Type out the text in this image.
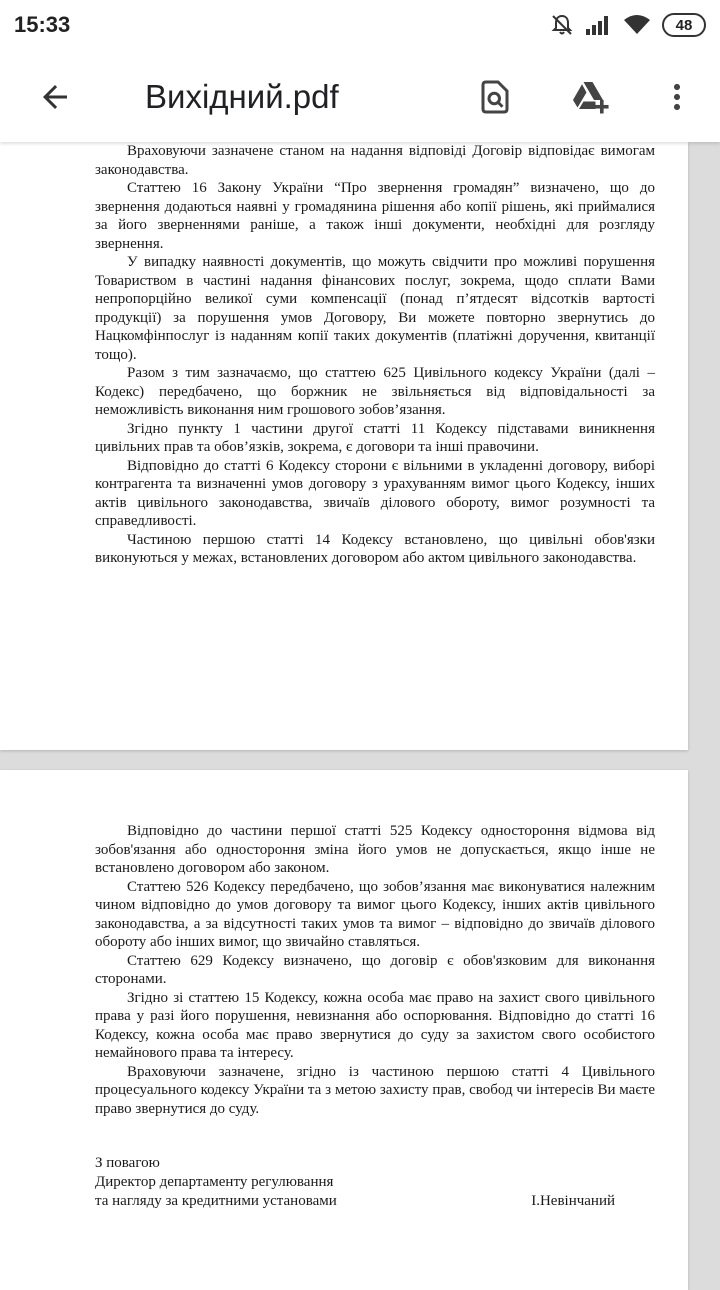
15:33	48
Вихідний.pdf

Враховуючи зазначене станом на надання відповіді Договір відповідає вимогам законодавства.

Статтею 16 Закону України “Про звернення громадян” визначено, що до звернення додаються наявні у громадянина рішення або копії рішень, які приймалися за його зверненнями раніше, а також інші документи, необхідні для розгляду звернення.

У випадку наявності документів, що можуть свідчити про можливі порушення Товариством в частині надання фінансових послуг, зокрема, щодо сплати Вами непропорційно великої суми компенсації (понад п’ятдесят відсотків вартості продукції) за порушення умов Договору, Ви можете повторно звернутись до Нацкомфінпослуг із наданням копії таких документів (платіжні доручення, квитанції тощо).

Разом з тим зазначаємо, що статтею 625 Цивільного кодексу України (далі – Кодекс) передбачено, що боржник не звільняється від відповідальності за неможливість виконання ним грошового зобов’язання.

Згідно пункту 1 частини другої статті 11 Кодексу підставами виникнення цивільних прав та обов’язків, зокрема, є договори та інші правочини.

Відповідно до статті 6 Кодексу сторони є вільними в укладенні договору, виборі контрагента та визначенні умов договору з урахуванням вимог цього Кодексу, інших актів цивільного законодавства, звичаїв ділового обороту, вимог розумності та справедливості.

Частиною першою статті 14 Кодексу встановлено, що цивільні обов'язки виконуються у межах, встановлених договором або актом цивільного законодавства.

Відповідно до частини першої статті 525 Кодексу одностороння відмова від зобов'язання або одностороння зміна його умов не допускається, якщо інше не встановлено договором або законом.

Статтею 526 Кодексу передбачено, що зобов’язання має виконуватися належним чином відповідно до умов договору та вимог цього Кодексу, інших актів цивільного законодавства, а за відсутності таких умов та вимог – відповідно до звичаїв ділового обороту або інших вимог, що звичайно ставляться.

Статтею 629 Кодексу визначено, що договір є обов'язковим для виконання сторонами.

Згідно зі статтею 15 Кодексу, кожна особа має право на захист свого цивільного права у разі його порушення, невизнання або оспорювання. Відповідно до статті 16 Кодексу, кожна особа має право звернутися до суду за захистом свого особистого немайнового права та інтересу.

Враховуючи зазначене, згідно із частиною першою статті 4 Цивільного процесуального кодексу України та з метою захисту прав, свобод чи інтересів Ви маєте право звернутися до суду.

З повагою
Директор департаменту регулювання
та нагляду за кредитними установами	І.Невінчаний
